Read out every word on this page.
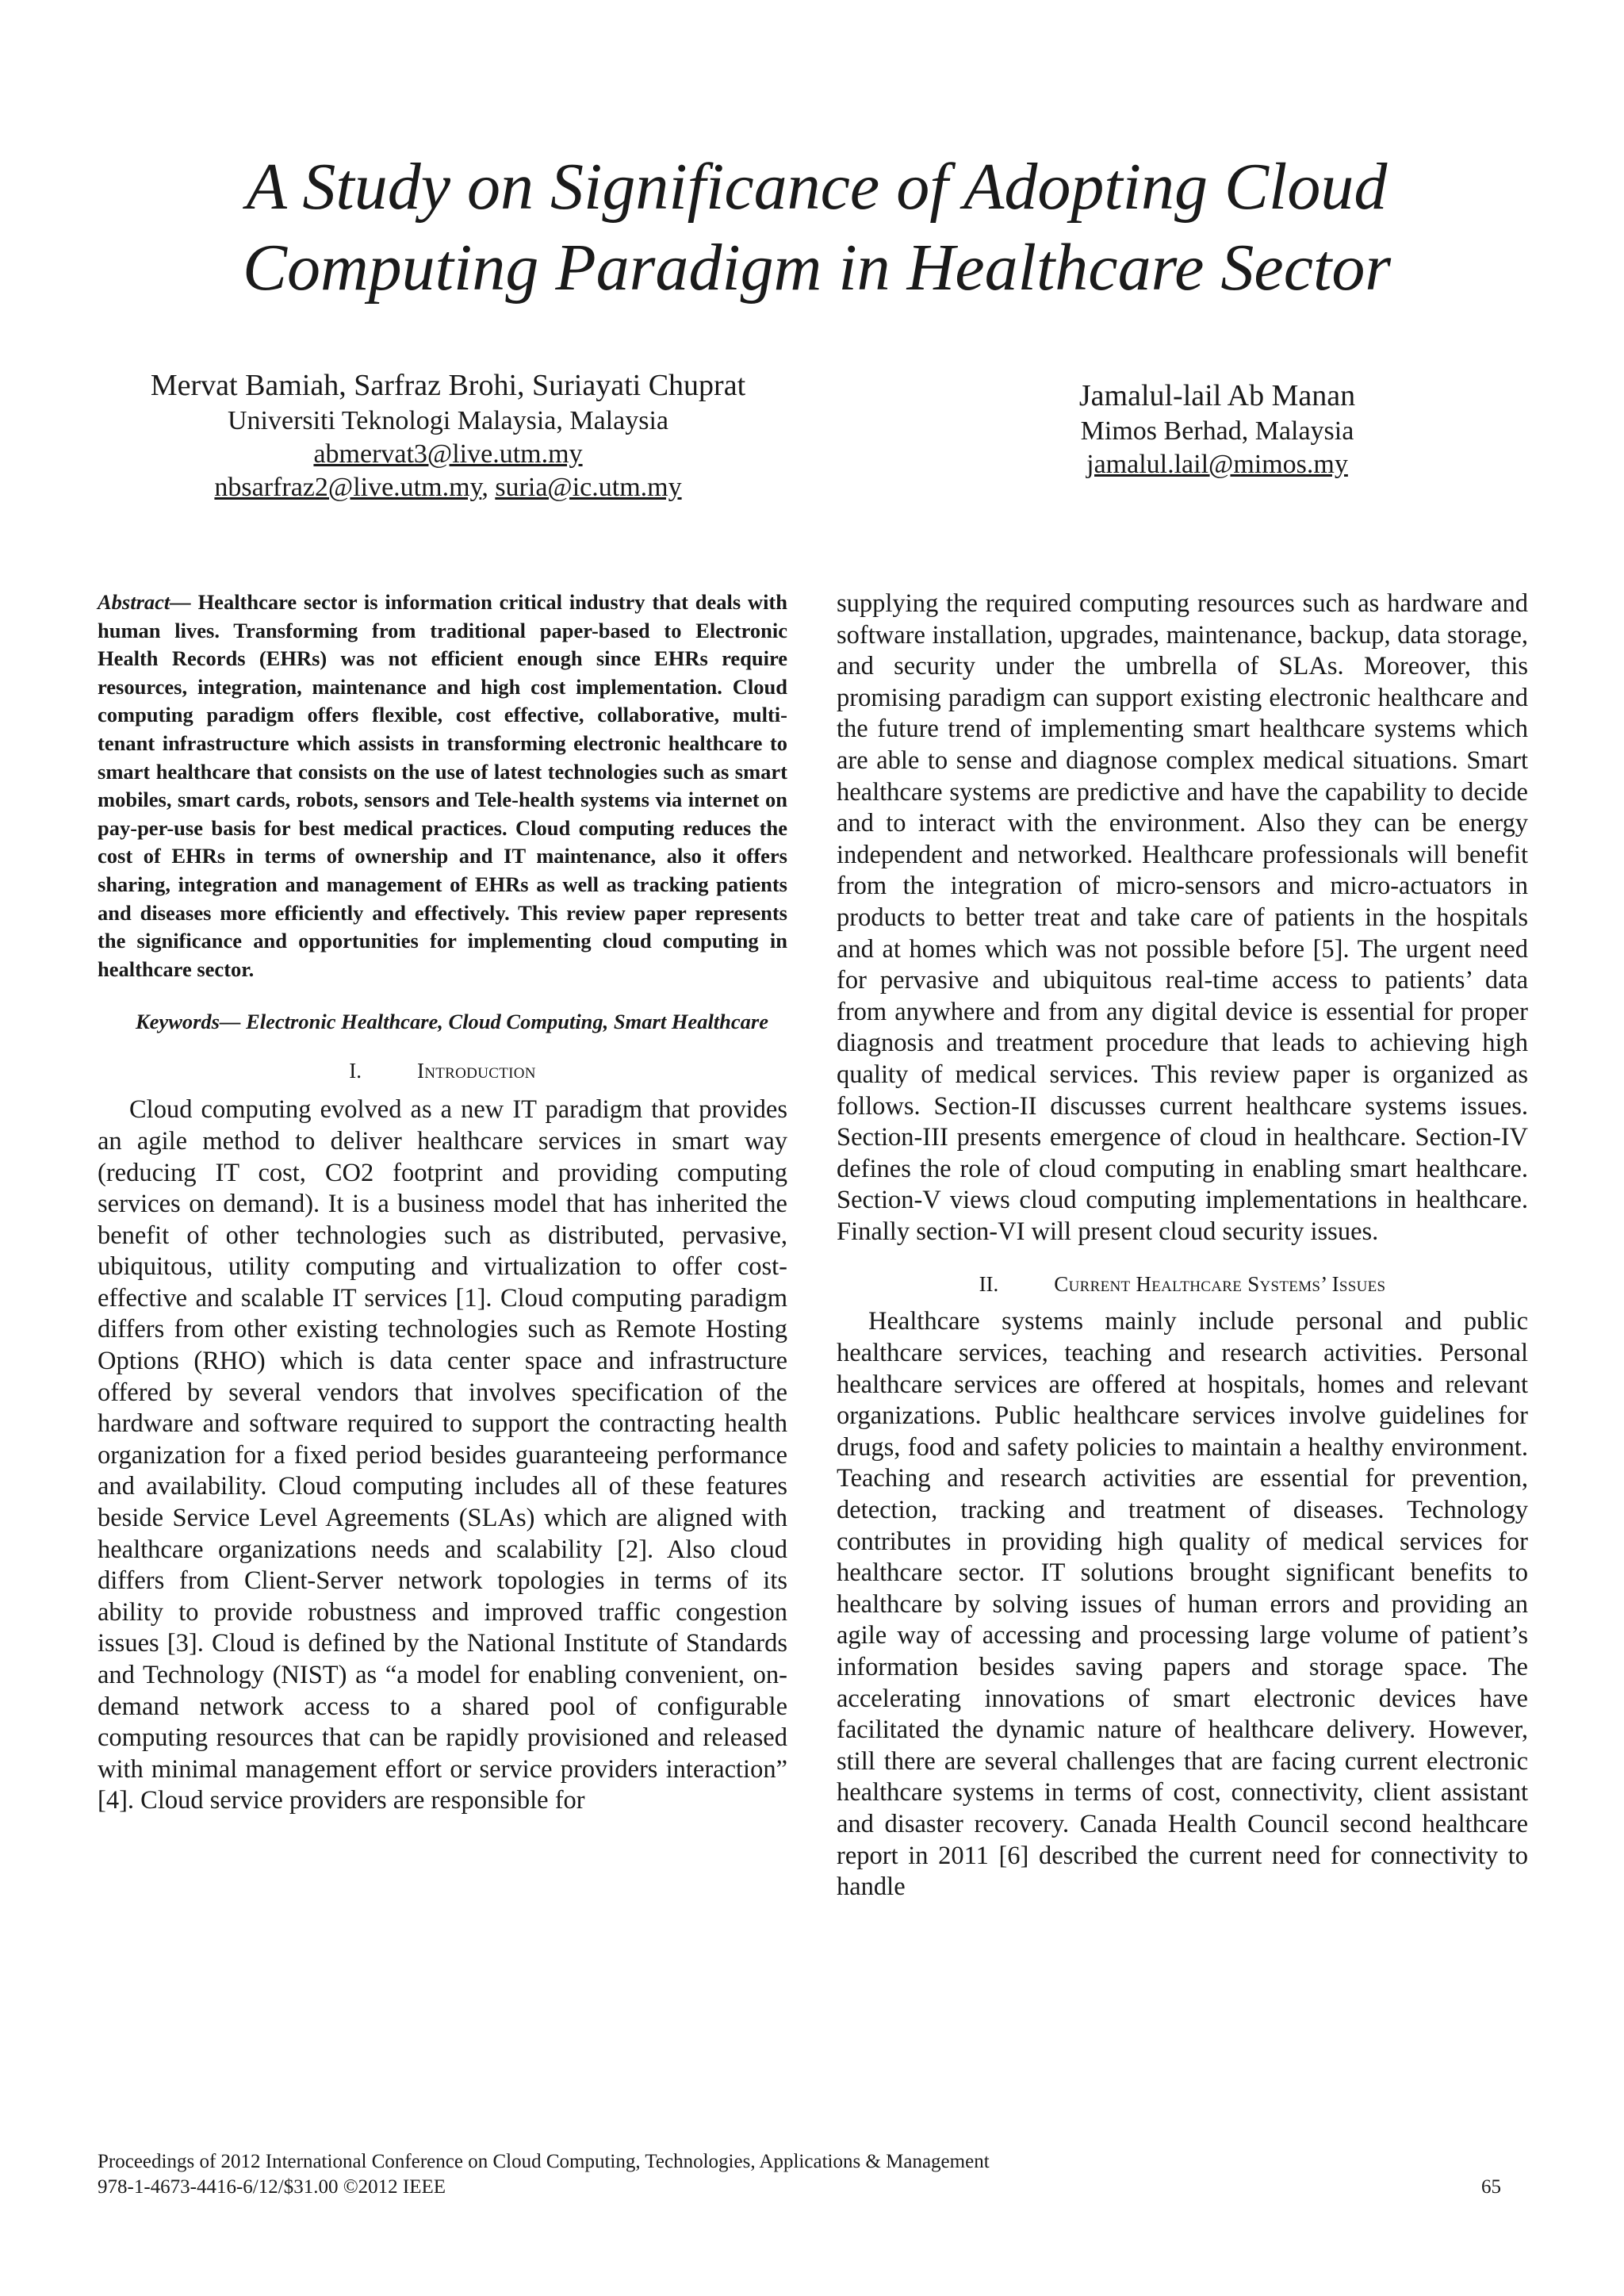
A Study on Significance of Adopting Cloud
Computing Paradigm in Healthcare Sector
Mervat Bamiah, Sarfraz Brohi, Suriayati Chuprat
Universiti Teknologi Malaysia, Malaysia
abmervat3@live.utm.my
nbsarfraz2@live.utm.my, suria@ic.utm.my
Jamalul-lail Ab Manan
Mimos Berhad, Malaysia
jamalul.lail@mimos.my

Abstract— Healthcare sector is information critical industry that deals with human lives. Transforming from traditional paper-based to Electronic Health Records (EHRs) was not efficient enough since EHRs require resources, integration, maintenance and high cost implementation. Cloud computing paradigm offers flexible, cost effective, collaborative, multi-tenant infrastructure which assists in transforming electronic healthcare to smart healthcare that consists on the use of latest technologies such as smart mobiles, smart cards, robots, sensors and Tele-health systems via internet on pay-per-use basis for best medical practices. Cloud computing reduces the cost of EHRs in terms of ownership and IT maintenance, also it offers sharing, integration and management of EHRs as well as tracking patients and diseases more efficiently and effectively. This review paper represents the significance and opportunities for implementing cloud computing in healthcare sector.

Keywords— Electronic Healthcare, Cloud Computing, Smart Healthcare

I.	Introduction

Cloud computing evolved as a new IT paradigm that provides an agile method to deliver healthcare services in smart way (reducing IT cost, CO2 footprint and providing computing services on demand). It is a business model that has inherited the benefit of other technologies such as distributed, pervasive, ubiquitous, utility computing and virtualization to offer cost-effective and scalable IT services [1]. Cloud computing paradigm differs from other existing technologies such as Remote Hosting Options (RHO) which is data center space and infrastructure offered by several vendors that involves specification of the hardware and software required to support the contracting health organization for a fixed period besides guaranteeing performance and availability. Cloud computing includes all of these features beside Service Level Agreements (SLAs) which are aligned with healthcare organizations needs and scalability [2]. Also cloud differs from Client-Server network topologies in terms of its ability to provide robustness and improved traffic congestion issues [3]. Cloud is defined by the National Institute of Standards and Technology (NIST) as “a model for enabling convenient, on-demand network access to a shared pool of configurable computing resources that can be rapidly provisioned and released with minimal management effort or service providers interaction” [4]. Cloud service providers are responsible for

supplying the required computing resources such as hardware and software installation, upgrades, maintenance, backup, data storage, and security under the umbrella of SLAs. Moreover, this promising paradigm can support existing electronic healthcare and the future trend of implementing smart healthcare systems which are able to sense and diagnose complex medical situations. Smart healthcare systems are predictive and have the capability to decide and to interact with the environment. Also they can be energy independent and networked. Healthcare professionals will benefit from the integration of micro-sensors and micro-actuators in products to better treat and take care of patients in the hospitals and at homes which was not possible before [5]. The urgent need for pervasive and ubiquitous real-time access to patients’ data from anywhere and from any digital device is essential for proper diagnosis and treatment procedure that leads to achieving high quality of medical services. This review paper is organized as follows. Section-II discusses current healthcare systems issues. Section-III presents emergence of cloud in healthcare. Section-IV defines the role of cloud computing in enabling smart healthcare. Section-V views cloud computing implementations in healthcare. Finally section-VI will present cloud security issues.

II.	Current Healthcare Systems’ Issues

Healthcare systems mainly include personal and public healthcare services, teaching and research activities. Personal healthcare services are offered at hospitals, homes and relevant organizations. Public healthcare services involve guidelines for drugs, food and safety policies to maintain a healthy environment. Teaching and research activities are essential for prevention, detection, tracking and treatment of diseases. Technology contributes in providing high quality of medical services for healthcare sector. IT solutions brought significant benefits to healthcare by solving issues of human errors and providing an agile way of accessing and processing large volume of patient’s information besides saving papers and storage space. The accelerating innovations of smart electronic devices have facilitated the dynamic nature of healthcare delivery. However, still there are several challenges that are facing current electronic healthcare systems in terms of cost, connectivity, client assistant and disaster recovery. Canada Health Council second healthcare report in 2011 [6] described the current need for connectivity to handle

Proceedings of 2012 International Conference on Cloud Computing, Technologies, Applications & Management
978-1-4673-4416-6/12/$31.00 ©2012 IEEE	65
